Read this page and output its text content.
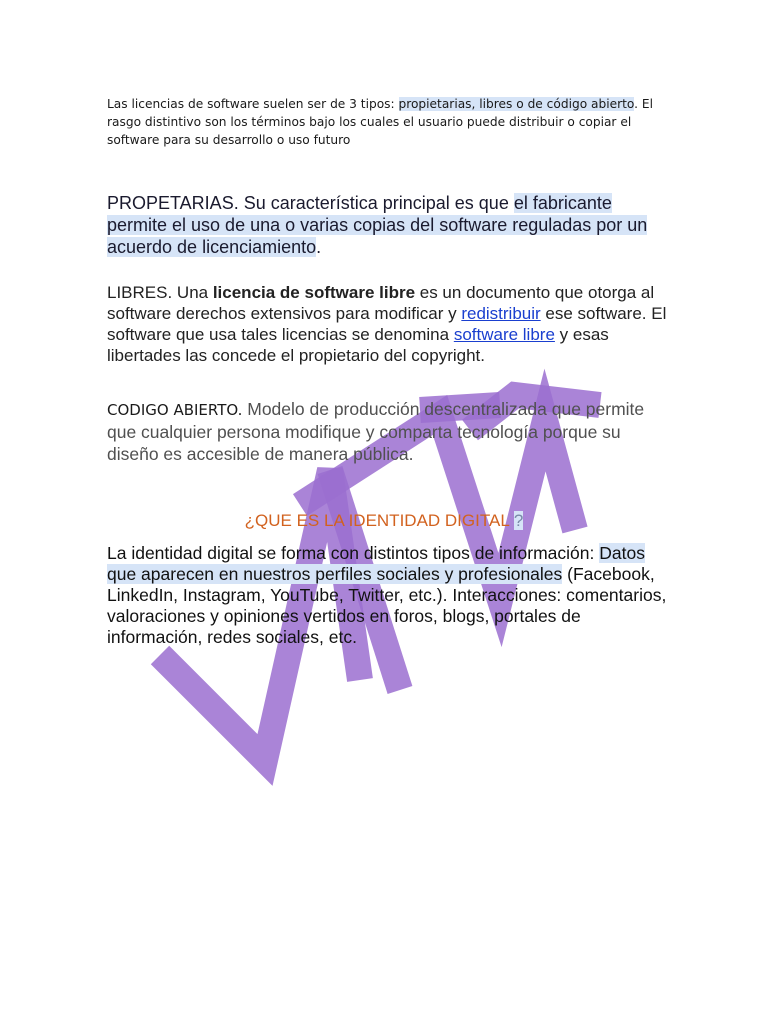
Las licencias de software suelen ser de 3 tipos: propietarias, libres o de código abierto. El rasgo distintivo son los términos bajo los cuales el usuario puede distribuir o copiar el software para su desarrollo o uso futuro
PROPETARIAS. Su característica principal es que el fabricante permite el uso de una o varias copias del software reguladas por un acuerdo de licenciamiento.
LIBRES. Una licencia de software libre es un documento que otorga al software derechos extensivos para modificar y redistribuir ese software. El software que usa tales licencias se denomina software libre y esas libertades las concede el propietario del copyright.
CODIGO ABIERTO. Modelo de producción descentralizada que permite que cualquier persona modifique y comparta tecnología porque su diseño es accesible de manera pública.
¿QUE ES LA IDENTIDAD DIGITAL ?
La identidad digital se forma con distintos tipos de información: Datos que aparecen en nuestros perfiles sociales y profesionales (Facebook, LinkedIn, Instagram, YouTube, Twitter, etc.). Interacciones: comentarios, valoraciones y opiniones vertidos en foros, blogs, portales de información, redes sociales, etc.
